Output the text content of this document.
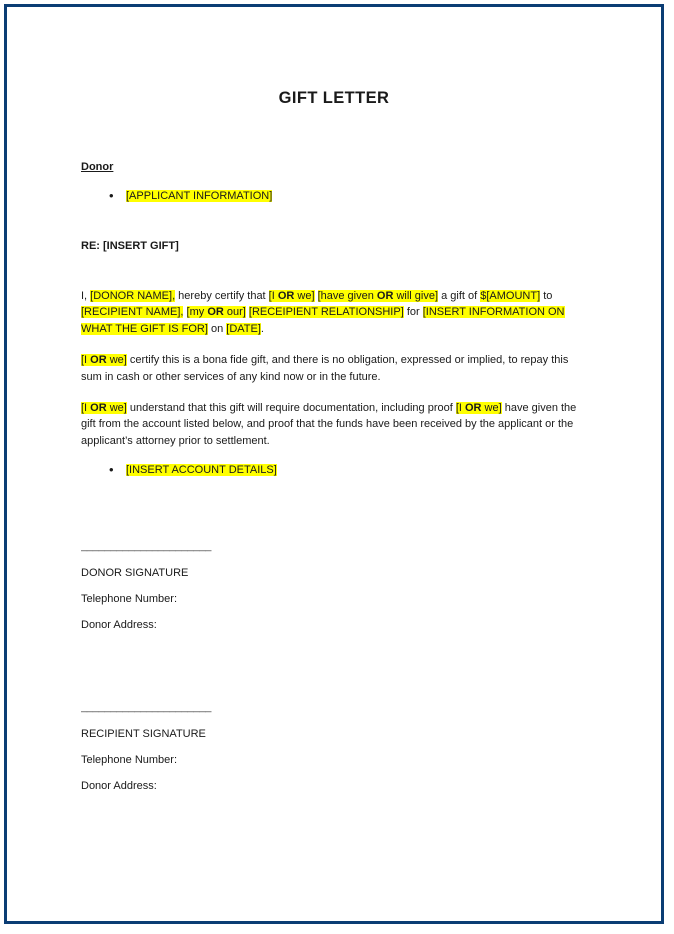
GIFT LETTER
Donor
• [APPLICANT INFORMATION]
RE: [INSERT GIFT]

I, [DONOR NAME], hereby certify that [I OR we] [have given OR will give] a gift of $[AMOUNT] to [RECIPIENT NAME], [my OR our] [RECEIPIENT RELATIONSHIP] for [INSERT INFORMATION ON WHAT THE GIFT IS FOR] on [DATE].

[I OR we] certify this is a bona fide gift, and there is no obligation, expressed or implied, to repay this sum in cash or other services of any kind now or in the future.

[I OR we] understand that this gift will require documentation, including proof [I OR we] have given the gift from the account listed below, and proof that the funds have been received by the applicant or the applicant’s attorney prior to settlement.

• [INSERT ACCOUNT DETAILS]
______________________
DONOR SIGNATURE
Telephone Number:
Donor Address:
______________________
RECIPIENT SIGNATURE
Telephone Number:
Donor Address:
